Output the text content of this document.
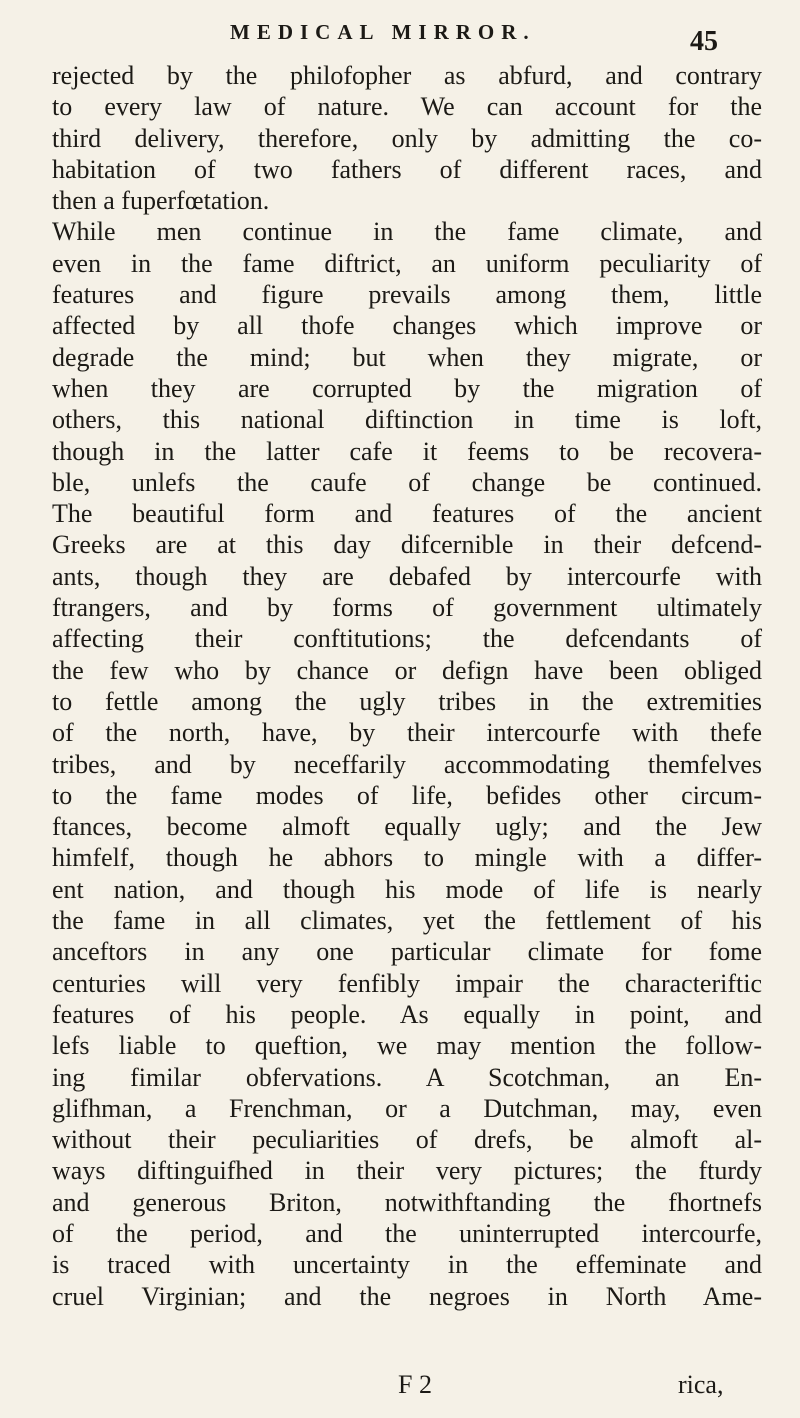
MEDICAL MIRROR.	45
rejected by the philofopher as abfurd, and contrary
to every law of nature. We can account for the
third delivery, therefore, only by admitting the co-
habitation of two fathers of different races, and
then a fuperfœtation.
While men continue in the fame climate, and
even in the fame diftrict, an uniform peculiarity of
features and figure prevails among them, little
affected by all thofe changes which improve or
degrade the mind; but when they migrate, or
when they are corrupted by the migration of
others, this national diftinction in time is loft,
though in the latter cafe it feems to be recovera-
ble, unlefs the caufe of change be continued.
The beautiful form and features of the ancient
Greeks are at this day difcernible in their defcend-
ants, though they are debafed by intercourfe with
ftrangers, and by forms of government ultimately
affecting their conftitutions; the defcendants of
the few who by chance or defign have been obliged
to fettle among the ugly tribes in the extremities
of the north, have, by their intercourfe with thefe
tribes, and by neceffarily accommodating themfelves
to the fame modes of life, befides other circum-
ftances, become almoft equally ugly; and the Jew
himfelf, though he abhors to mingle with a differ-
ent nation, and though his mode of life is nearly
the fame in all climates, yet the fettlement of his
anceftors in any one particular climate for fome
centuries will very fenfibly impair the characteriftic
features of his people. As equally in point, and
lefs liable to queftion, we may mention the follow-
ing fimilar obfervations. A Scotchman, an En-
glifhman, a Frenchman, or a Dutchman, may, even
without their peculiarities of drefs, be almoft al-
ways diftinguifhed in their very pictures; the fturdy
and generous Briton, notwithftanding the fhortnefs
of the period, and the uninterrupted intercourfe,
is traced with uncertainty in the effeminate and
cruel Virginian; and the negroes in North Ame-
F 2	rica,
